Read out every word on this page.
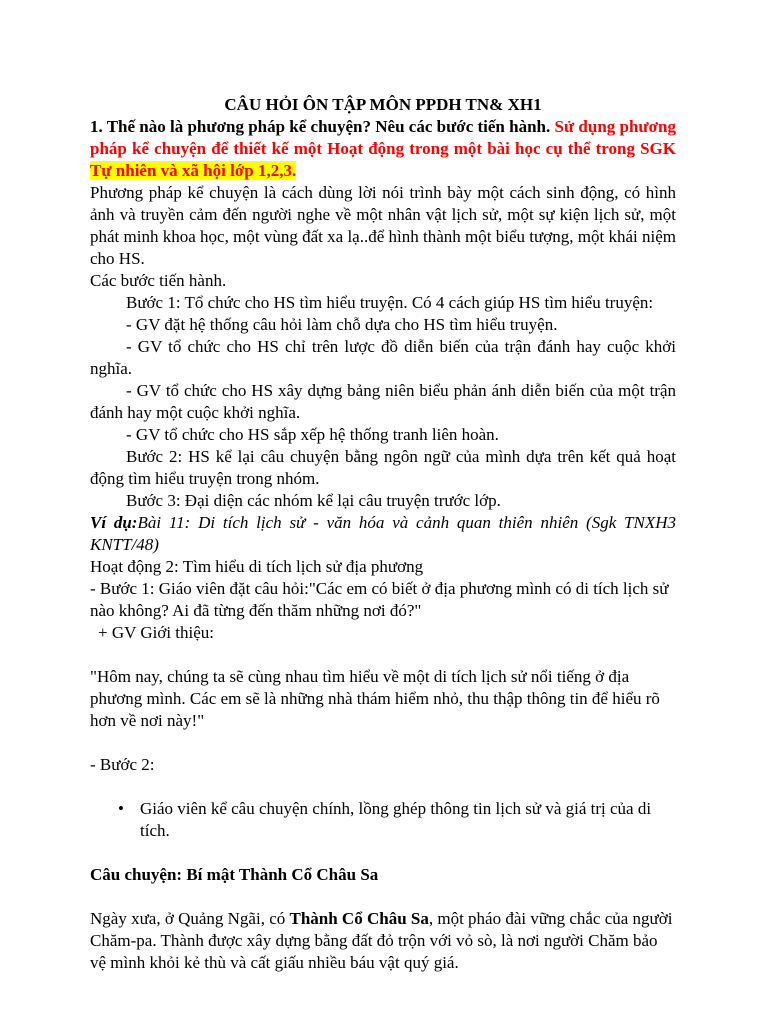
CÂU HỎI ÔN TẬP MÔN PPDH TN& XH1

1. Thế nào là phương pháp kể chuyện? Nêu các bước tiến hành. Sử dụng phương pháp kể chuyện để thiết kế một Hoạt động trong một bài học cụ thể trong SGK Tự nhiên và xã hội lớp 1,2,3.

Phương pháp kể chuyện là cách dùng lời nói trình bày một cách sinh động, có hình ảnh và truyền cảm đến người nghe về một nhân vật lịch sử, một sự kiện lịch sử, một phát minh khoa học, một vùng đất xa lạ..để hình thành một biểu tượng, một khái niệm cho HS.

Các bước tiến hành.

Bước 1: Tổ chức cho HS tìm hiểu truyện. Có 4 cách giúp HS tìm hiểu truyện:

- GV đặt hệ thống câu hỏi làm chỗ dựa cho HS tìm hiểu truyện.

- GV tổ chức cho HS chỉ trên lược đồ diễn biến của trận đánh hay cuộc khởi nghĩa.

- GV tổ chức cho HS xây dựng bảng niên biểu phản ánh diễn biến của một trận đánh hay một cuộc khởi nghĩa.

- GV tổ chức cho HS sắp xếp hệ thống tranh liên hoàn.

Bước 2: HS kể lại câu chuyện bằng ngôn ngữ của mình dựa trên kết quả hoạt động tìm hiểu truyện trong nhóm.

Bước 3: Đại diện các nhóm kể lại câu truyện trước lớp.

Ví dụ:Bài 11: Di tích lịch sử - văn hóa và cảnh quan thiên nhiên (Sgk TNXH3 KNTT/48)

Hoạt động 2: Tìm hiểu di tích lịch sử địa phương

- Bước 1: Giáo viên đặt câu hỏi:"Các em có biết ở địa phương mình có di tích lịch sử nào không? Ai đã từng đến thăm những nơi đó?"

+ GV Giới thiệu:

"Hôm nay, chúng ta sẽ cùng nhau tìm hiểu về một di tích lịch sử nổi tiếng ở địa phương mình. Các em sẽ là những nhà thám hiểm nhỏ, thu thập thông tin để hiểu rõ hơn về nơi này!"

- Bước 2:

• Giáo viên kể câu chuyện chính, lồng ghép thông tin lịch sử và giá trị của di tích.

Câu chuyện: Bí mật Thành Cổ Châu Sa

Ngày xưa, ở Quảng Ngãi, có Thành Cổ Châu Sa, một pháo đài vững chắc của người Chăm-pa. Thành được xây dựng bằng đất đỏ trộn với vỏ sò, là nơi người Chăm bảo vệ mình khỏi kẻ thù và cất giấu nhiều báu vật quý giá.
